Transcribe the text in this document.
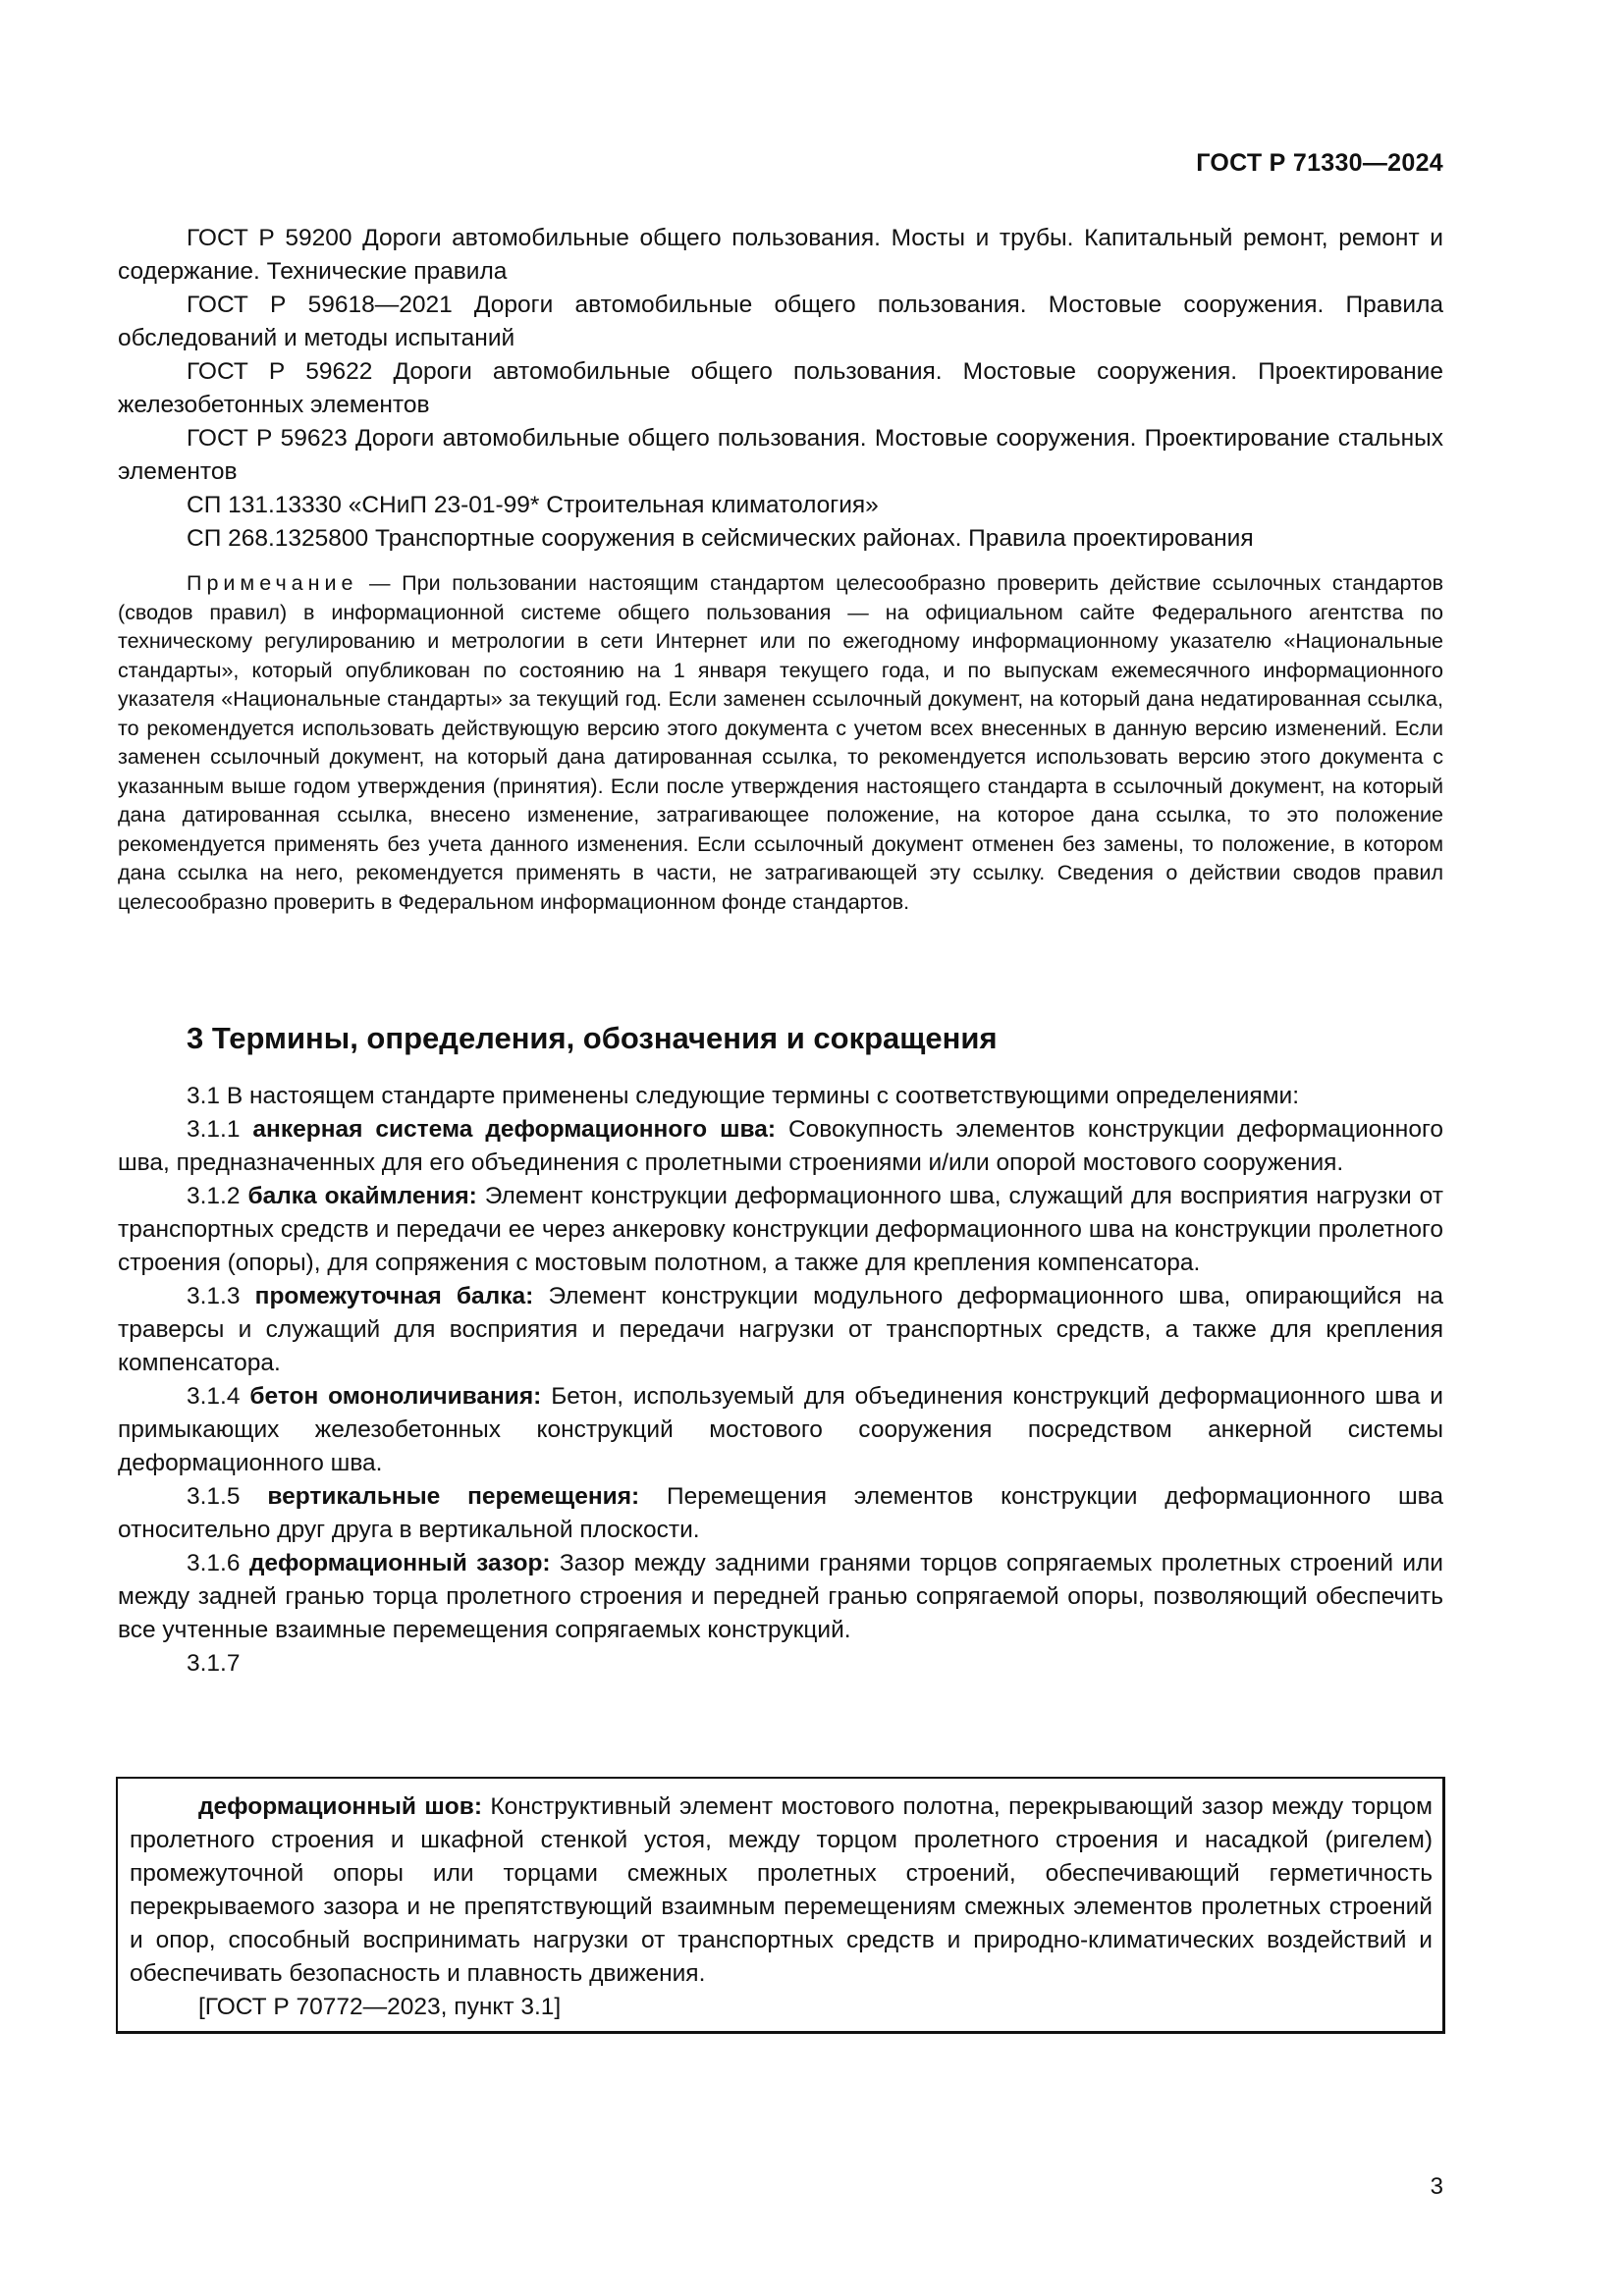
ГОСТ Р 71330—2024

ГОСТ Р 59200 Дороги автомобильные общего пользования. Мосты и трубы. Капитальный ремонт, ремонт и содержание. Технические правила

ГОСТ Р 59618—2021 Дороги автомобильные общего пользования. Мостовые сооружения. Правила обследований и методы испытаний

ГОСТ Р 59622 Дороги автомобильные общего пользования. Мостовые сооружения. Проектирование железобетонных элементов

ГОСТ Р 59623 Дороги автомобильные общего пользования. Мостовые сооружения. Проектирование стальных элементов

СП 131.13330 «СНиП 23-01-99* Строительная климатология»

СП 268.1325800 Транспортные сооружения в сейсмических районах. Правила проектирования

Примечание — При пользовании настоящим стандартом целесообразно проверить действие ссылочных стандартов (сводов правил) в информационной системе общего пользования — на официальном сайте Федерального агентства по техническому регулированию и метрологии в сети Интернет или по ежегодному информационному указателю «Национальные стандарты», который опубликован по состоянию на 1 января текущего года, и по выпускам ежемесячного информационного указателя «Национальные стандарты» за текущий год. Если заменен ссылочный документ, на который дана недатированная ссылка, то рекомендуется использовать действующую версию этого документа с учетом всех внесенных в данную версию изменений. Если заменен ссылочный документ, на который дана датированная ссылка, то рекомендуется использовать версию этого документа с указанным выше годом утверждения (принятия). Если после утверждения настоящего стандарта в ссылочный документ, на который дана датированная ссылка, внесено изменение, затрагивающее положение, на которое дана ссылка, то это положение рекомендуется применять без учета данного изменения. Если ссылочный документ отменен без замены, то положение, в котором дана ссылка на него, рекомендуется применять в части, не затрагивающей эту ссылку. Сведения о действии сводов правил целесообразно проверить в Федеральном информационном фонде стандартов.

3 Термины, определения, обозначения и сокращения

3.1 В настоящем стандарте применены следующие термины с соответствующими определениями:

3.1.1 анкерная система деформационного шва: Совокупность элементов конструкции деформационного шва, предназначенных для его объединения с пролетными строениями и/или опорой мостового сооружения.

3.1.2 балка окаймления: Элемент конструкции деформационного шва, служащий для восприятия нагрузки от транспортных средств и передачи ее через анкеровку конструкции деформационного шва на конструкции пролетного строения (опоры), для сопряжения с мостовым полотном, а также для крепления компенсатора.

3.1.3 промежуточная балка: Элемент конструкции модульного деформационного шва, опирающийся на траверсы и служащий для восприятия и передачи нагрузки от транспортных средств, а также для крепления компенсатора.

3.1.4 бетон омоноличивания: Бетон, используемый для объединения конструкций деформационного шва и примыкающих железобетонных конструкций мостового сооружения посредством анкерной системы деформационного шва.

3.1.5 вертикальные перемещения: Перемещения элементов конструкции деформационного шва относительно друг друга в вертикальной плоскости.

3.1.6 деформационный зазор: Зазор между задними гранями торцов сопрягаемых пролетных строений или между задней гранью торца пролетного строения и передней гранью сопрягаемой опоры, позволяющий обеспечить все учтенные взаимные перемещения сопрягаемых конструкций.

3.1.7

деформационный шов: Конструктивный элемент мостового полотна, перекрывающий зазор между торцом пролетного строения и шкафной стенкой устоя, между торцом пролетного строения и насадкой (ригелем) промежуточной опоры или торцами смежных пролетных строений, обеспечивающий герметичность перекрываемого зазора и не препятствующий взаимным перемещениям смежных элементов пролетных строений и опор, способный воспринимать нагрузки от транспортных средств и природно-климатических воздействий и обеспечивать безопасность и плавность движения.

[ГОСТ Р 70772—2023, пункт 3.1]

3
